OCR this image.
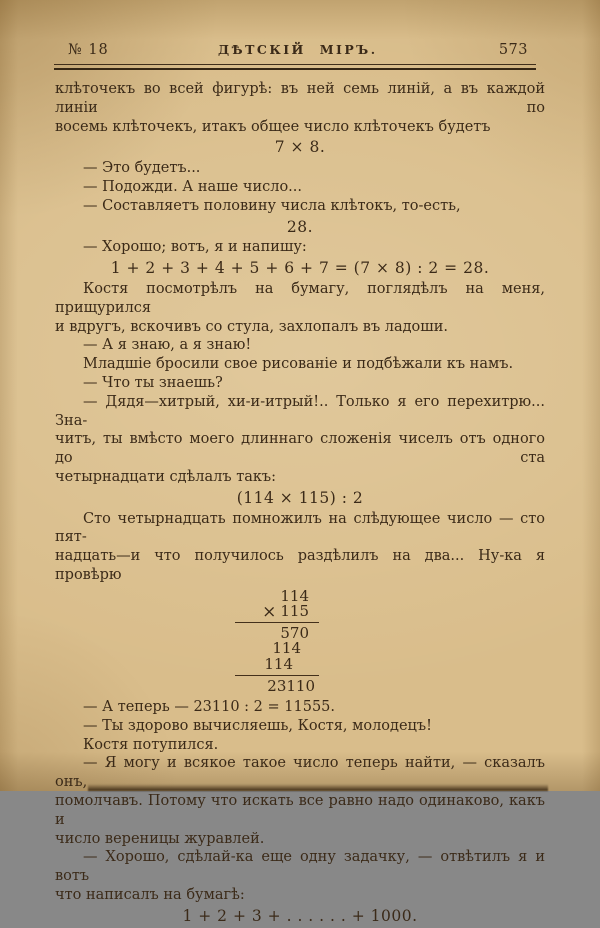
№ 18	ДѢТСКІЙ МІРЪ.	573
клѣточекъ во всей фигурѣ: въ ней семь линій, а въ каждой линіи по
восемь клѣточекъ, итакъ общее число клѣточекъ будетъ
7 × 8.
— Это будетъ...
— Подожди. А наше число...
— Составляетъ половину числа клѣтокъ, то-есть,
28.
— Хорошо; вотъ, я и напишу:
1 + 2 + 3 + 4 + 5 + 6 + 7 = (7 × 8) : 2 = 28.
Костя посмотрѣлъ на бумагу, поглядѣлъ на меня, прищурился
и вдругъ, вскочивъ со стула, захлопалъ въ ладоши.
— А я знаю, а я знаю!
Младшіе бросили свое рисованіе и подбѣжали къ намъ.
— Что ты знаешь?
— Дядя—хитрый, хи-и-итрый!.. Только я его перехитрю... Зна-
читъ, ты вмѣсто моего длиннаго сложенія чиселъ отъ одного до ста
четырнадцати сдѣлалъ такъ:
(114 × 115) : 2
Сто четырнадцать помножилъ на слѣдующее число — сто пят-
надцать—и что получилось раздѣлилъ на два... Ну-ка я провѣрю
114
× 115
570
114
114
23110
— А теперь — 23110 : 2 = 11555.
— Ты здорово вычисляешь, Костя, молодецъ!
Костя потупился.
— Я могу и всякое такое число теперь найти, — сказалъ онъ,
помолчавъ. Потому что искать все равно надо одинаково, какъ и
число вереницы журавлей.
— Хорошо, сдѣлай-ка еще одну задачку, — отвѣтилъ я и вотъ
что написалъ на бумагѣ:
1 + 2 + 3 + . . . . . . + 1000.
